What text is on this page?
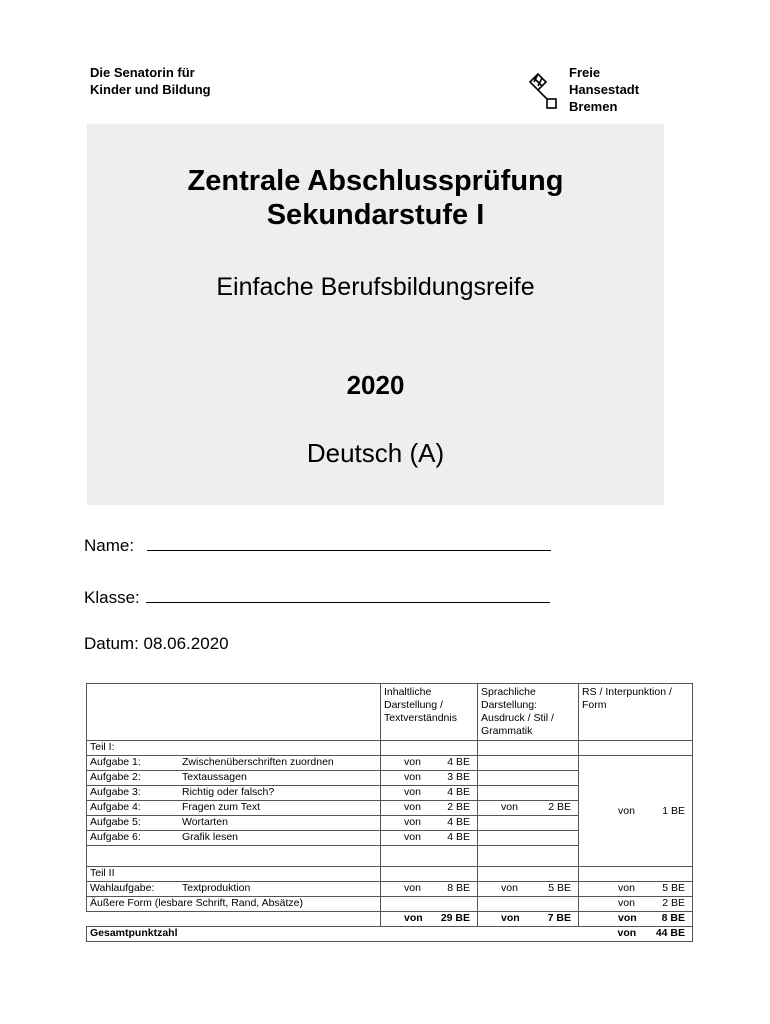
Die Senatorin für
Kinder und Bildung
Freie
Hansestadt
Bremen
Zentrale Abschlussprüfung
Sekundarstufe I
Einfache Berufsbildungsreife
2020
Deutsch (A)
Name:
Klasse:
Datum: 08.06.2020
	Inhaltliche Darstellung / Textverständnis	Sprachliche Darstellung: Ausdruck / Stil / Grammatik	RS / Interpunktion / Form
Teil I:			
Aufgabe 1: Zwischenüberschriften zuordnen	von 4 BE		von 1 BE

Aufgabe 2: Textaussagen	von 3 BE		

Aufgabe 3: Richtig oder falsch?	von 4 BE		

Aufgabe 4: Fragen zum Text	von 2 BE	von 2 BE	

Aufgabe 5: Wortarten	von 4 BE		

Aufgabe 6: Grafik lesen	von 4 BE		

Teil II			
Wahlaufgabe: Textproduktion	von 8 BE	von 5 BE	von 5 BE

Äußere Form (lesbare Schrift, Rand, Absätze)			von 2 BE

	von 29 BE	von 7 BE	von 8 BE

Gesamtpunktzahl			von 44 BE
